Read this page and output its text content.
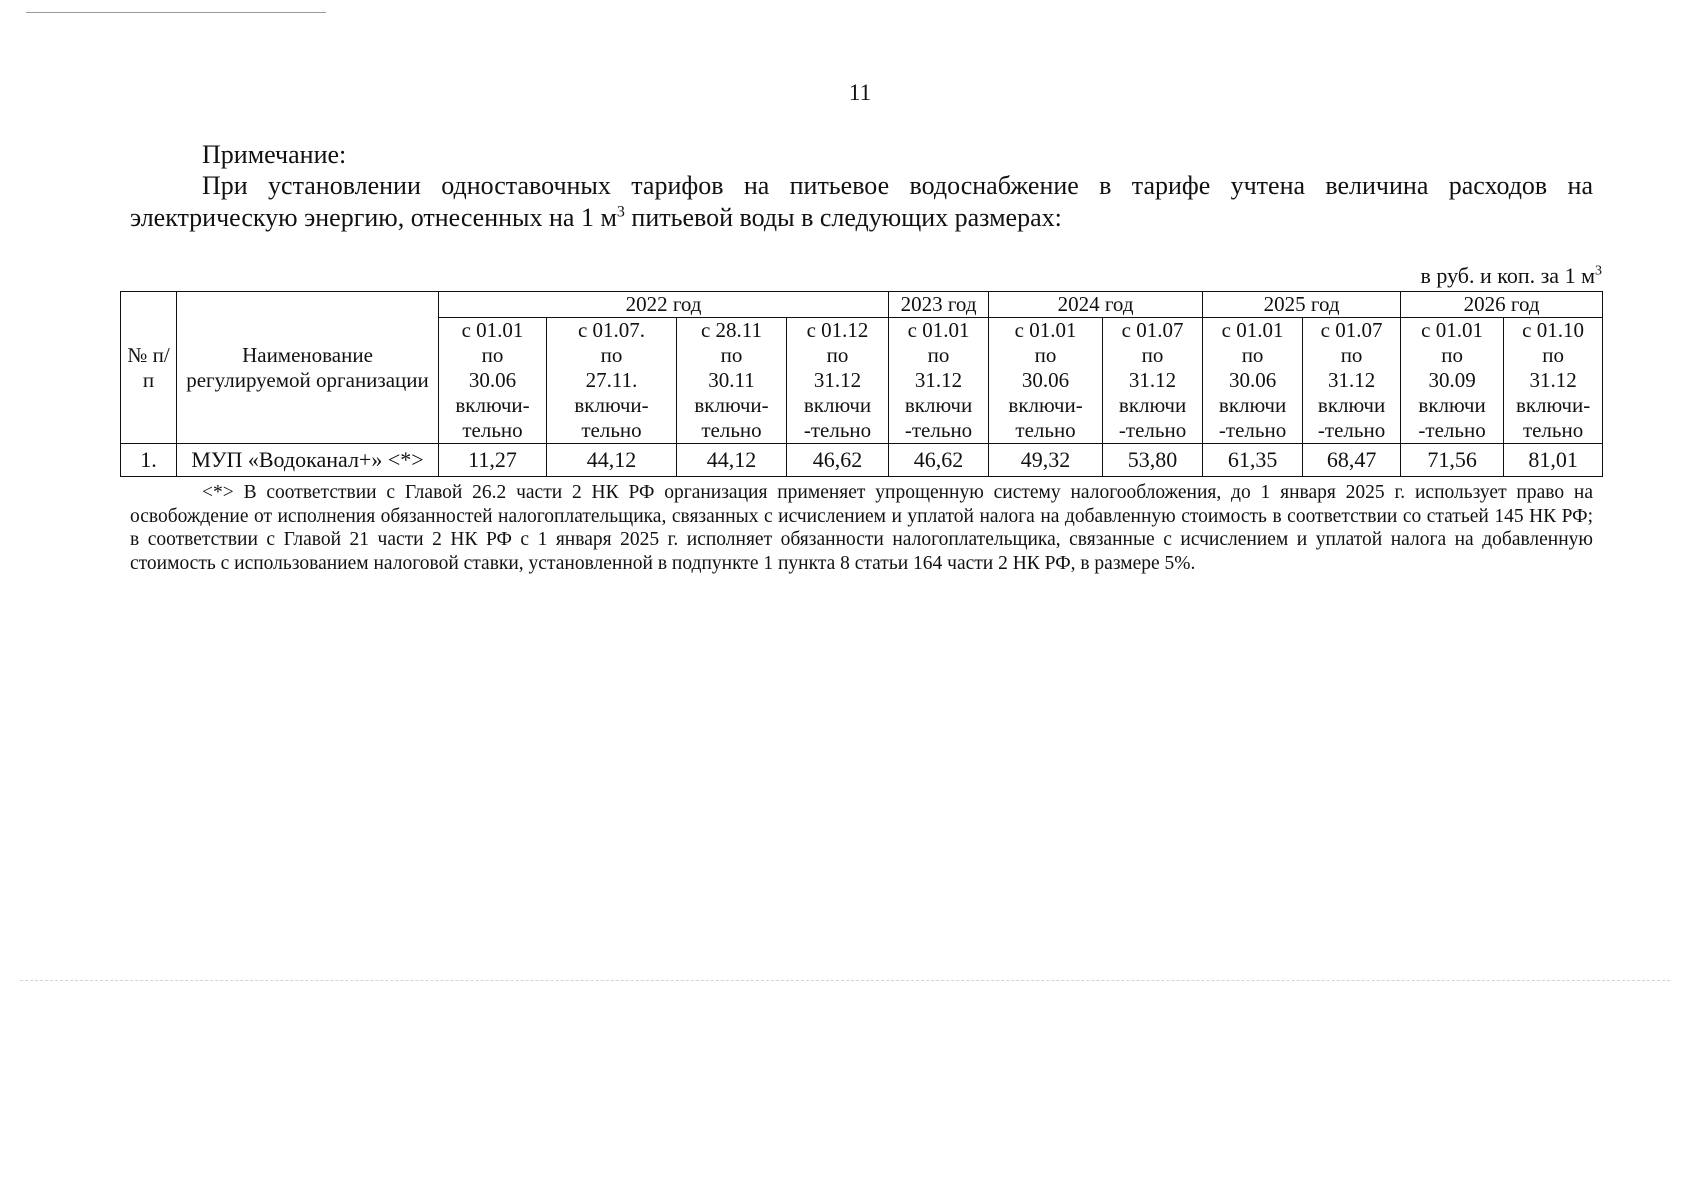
11
Примечание:
При установлении одноставочных тарифов на питьевое водоснабжение в тарифе учтена величина расходов на электрическую энергию, отнесенных на 1 $м^3$ питьевой воды в следующих размерах:
в руб. и коп. за 1 $м^3$
№ п/п	Наименование регулируемой организации	2022 год				2023 год	2024 год		2025 год		2026 год	

		с 01.01
по
30.06
включи-
тельно	с 01.07.
по
27.11.
включи-
тельно	с 28.11
по
30.11
включи-
тельно	с 01.12
по
31.12
включи
-тельно	с 01.01
по
31.12
включи
-тельно	с 01.01
по
30.06
включи-
тельно	с 01.07
по
31.12
включи
-тельно	с 01.01
по
30.06
включи
-тельно	с 01.07
по
31.12
включи
-тельно	с 01.01
по
30.09
включи
-тельно	с 01.10
по
31.12
включи-
тельно

1.	МУП «Водоканал+» <*>	11,27	44,12	44,12	46,62	46,62	49,32	53,80	61,35	68,47	71,56	81,01
<*> В соответствии с Главой 26.2 части 2 НК РФ организация применяет упрощенную систему налогообложения, до 1 января 2025 г. использует право на освобождение от исполнения обязанностей налогоплательщика, связанных с исчислением и уплатой налога на добавленную стоимость в соответствии со статьей 145 НК РФ; в соответствии с Главой 21 части 2 НК РФ с 1 января 2025 г. исполняет обязанности налогоплательщика, связанные с исчислением и уплатой налога на добавленную стоимость с использованием налоговой ставки, установленной в подпункте 1 пункта 8 статьи 164 части 2 НК РФ, в размере 5%.
